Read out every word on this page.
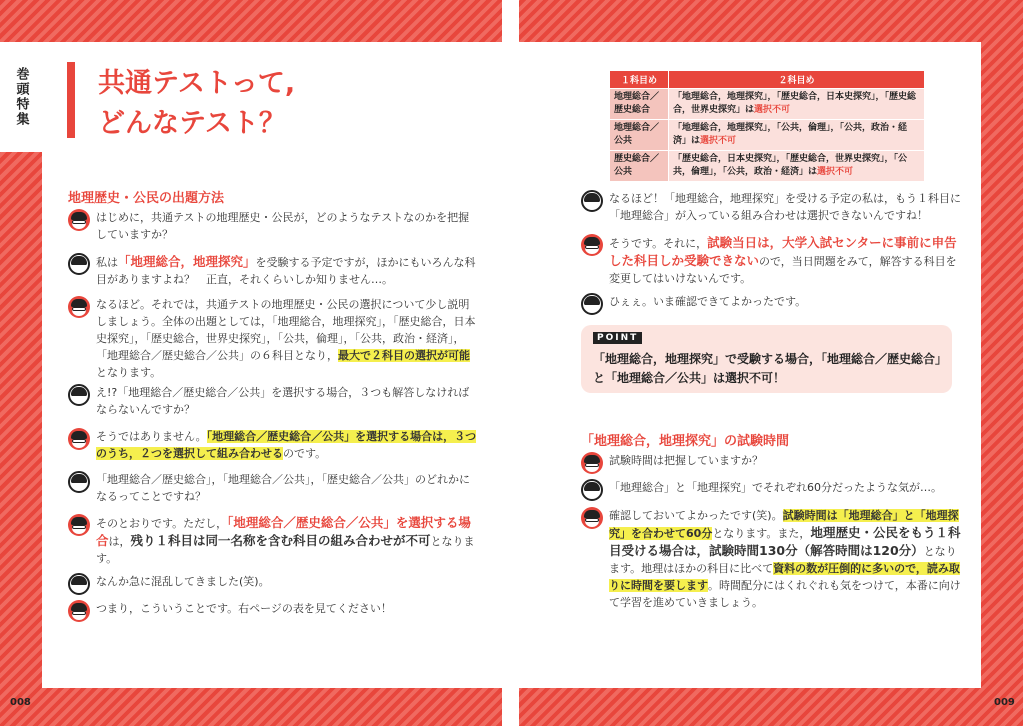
巻頭特集
008	009
共通テストって,
どんなテスト？
地理歴史・公民の出題方法
はじめに，共通テストの地理歴史・公民が，どのようなテストなのかを把握していますか？
私は「地理総合，地理探究」を受験する予定ですが，ほかにもいろんな科目がありますよね？　正直，それくらいしか知りません…。
なるほど。それでは，共通テストの地理歴史・公民の選択について少し説明しましょう。全体の出題としては，「地理総合，地理探究」，「歴史総合，日本史探究」，「歴史総合，世界史探究」，「公共，倫理」，「公共，政治・経済」，「地理総合／歴史総合／公共」の６科目となり，最大で２科目の選択が可能となります。
え!?「地理総合／歴史総合／公共」を選択する場合，３つも解答しなければならないんですか？
そうではありません。「地理総合／歴史総合／公共」を選択する場合は，３つのうち，２つを選択して組み合わせるのです。
「地理総合／歴史総合」，「地理総合／公共」，「歴史総合／公共」のどれかになるってことですね？
そのとおりです。ただし，「地理総合／歴史総合／公共」を選択する場合は，残り１科目は同一名称を含む科目の組み合わせが不可となります。
なんか急に混乱してきました(笑)。
つまり，こういうことです。右ページの表を見てください！
１科目め	２科目め
地理総合／歴史総合	「地理総合，地理探究」，「歴史総合，日本史探究」，「歴史総合，世界史探究」は選択不可
地理総合／公共	「地理総合，地理探究」，「公共，倫理」，「公共，政治・経済」は選択不可
歴史総合／公共	「歴史総合，日本史探究」，「歴史総合，世界史探究」，「公共，倫理」，「公共，政治・経済」は選択不可
なるほど！「地理総合，地理探究」を受ける予定の私は，もう１科目に「地理総合」が入っている組み合わせは選択できないんですね！
そうです。それに，試験当日は，大学入試センターに事前に申告した科目しか受験できないので，当日問題をみて，解答する科目を変更してはいけないんです。
ひぇぇ。いま確認できてよかったです。
POINT
「地理総合，地理探究」で受験する場合，「地理総合／歴史総合」と「地理総合／公共」は選択不可！
「地理総合，地理探究」の試験時間
試験時間は把握していますか？
「地理総合」と「地理探究」でそれぞれ60分だったような気が…。
確認しておいてよかったです(笑)。試験時間は「地理総合」と「地理探究」を合わせて60分となります。また，地理歴史・公民をもう１科目受ける場合は，試験時間130分（解答時間は120分）となります。地理はほかの科目に比べて資料の数が圧倒的に多いので，読み取りに時間を要します。時間配分にはくれぐれも気をつけて，本番に向けて学習を進めていきましょう。
